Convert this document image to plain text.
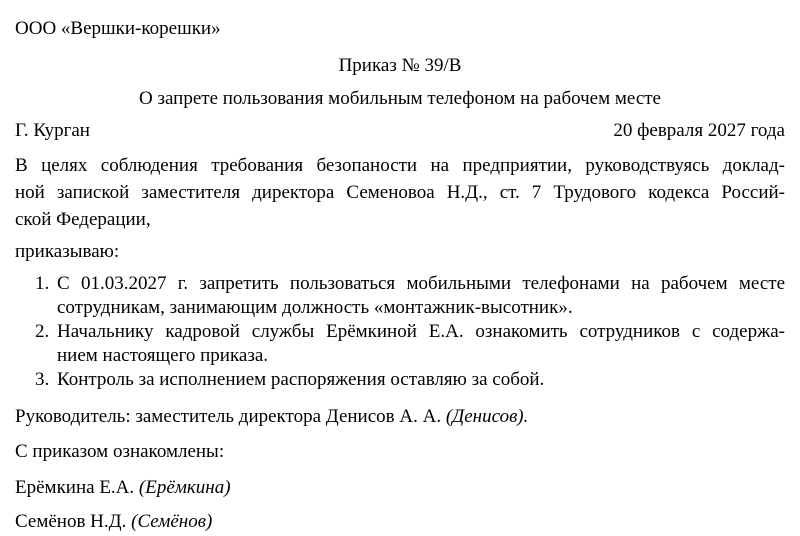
ООО «Вершки-корешки»
Приказ № 39/В
О запрете пользования мобильным телефоном на рабочем месте
Г. Курган	20 февраля 2027 года
В целях соблюдения требования безопаности на предприятии, руководствуясь доклад-
ной запиской заместителя директора Семеновоа Н.Д., ст. 7 Трудового кодекса Россий-
ской Федерации,
приказываю:
1. С 01.03.2027 г. запретить пользоваться мобильными телефонами на рабочем месте
сотрудникам, занимающим должность «монтажник-высотник».
2. Начальнику кадровой службы Ерёмкиной Е.А. ознакомить сотрудников с содержа-
нием настоящего приказа.
3. Контроль за исполнением распоряжения оставляю за собой.
Руководитель: заместитель директора Денисов А. А. (Денисов).
С приказом ознакомлены:
Ерёмкина Е.А. (Ерёмкина)
Семёнов Н.Д. (Семёнов)
